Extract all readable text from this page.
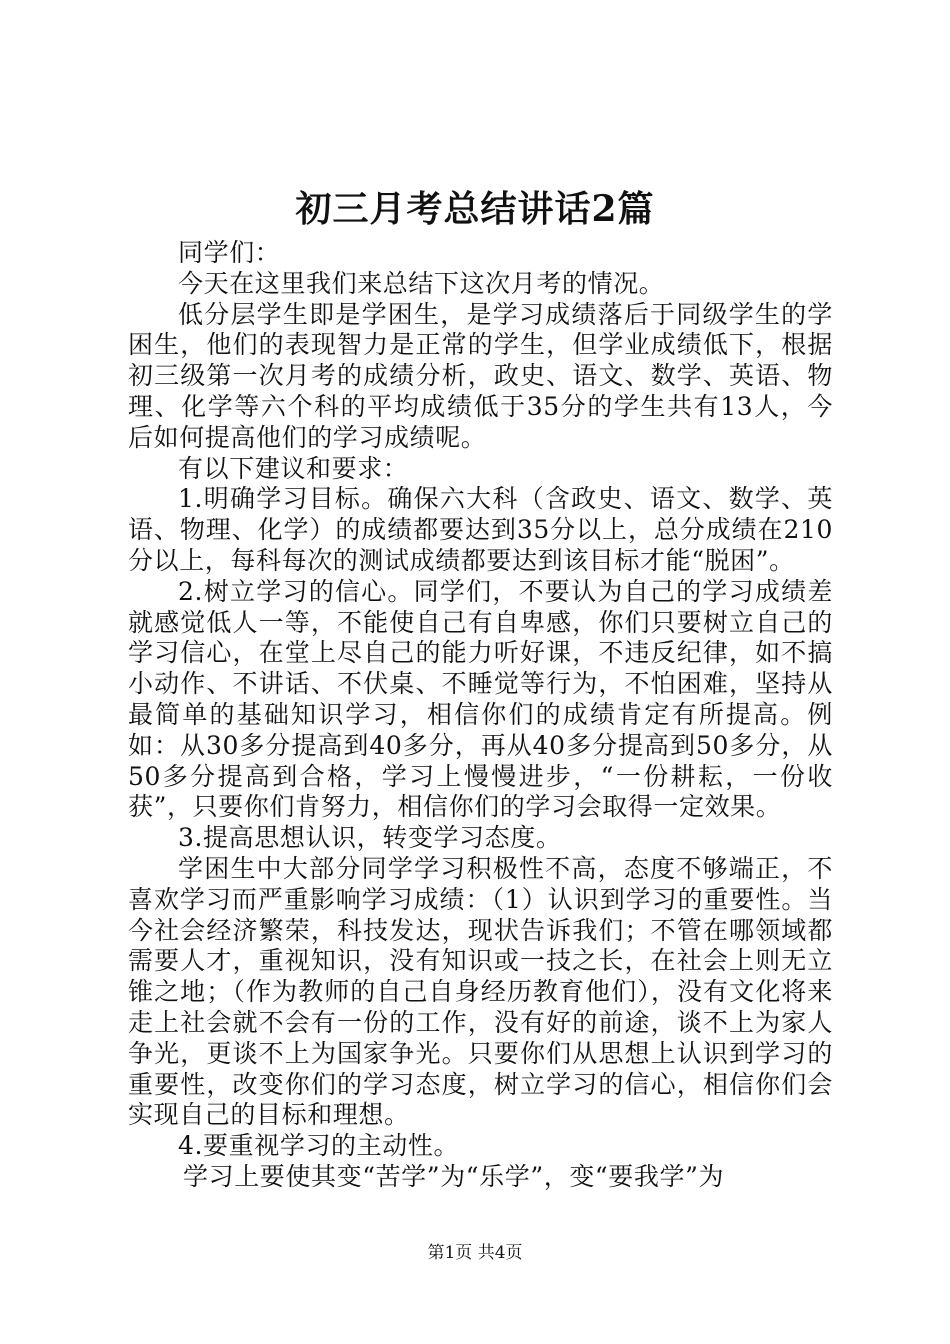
初三月考总结讲话2篇

同学们：

今天在这里我们来总结下这次月考的情况。

低分层学生即是学困生，是学习成绩落后于同级学生的学困生，他们的表现智力是正常的学生，但学业成绩低下，根据初三级第一次月考的成绩分析，政史、语文、数学、英语、物理、化学等六个科的平均成绩低于35分的学生共有13人，今后如何提高他们的学习成绩呢。

有以下建议和要求：

1.明确学习目标。确保六大科（含政史、语文、数学、英语、物理、化学）的成绩都要达到35分以上，总分成绩在210分以上，每科每次的测试成绩都要达到该目标才能“脱困”。

2.树立学习的信心。同学们，不要认为自己的学习成绩差就感觉低人一等，不能使自己有自卑感，你们只要树立自己的学习信心，在堂上尽自己的能力听好课，不违反纪律，如不搞小动作、不讲话、不伏桌、不睡觉等行为，不怕困难，坚持从最简单的基础知识学习，相信你们的成绩肯定有所提高。例如：从30多分提高到40多分，再从40多分提高到50多分，从50多分提高到合格，学习上慢慢进步，“一份耕耘，一份收获”，只要你们肯努力，相信你们的学习会取得一定效果。

3.提高思想认识，转变学习态度。

学困生中大部分同学学习积极性不高，态度不够端正，不喜欢学习而严重影响学习成绩：（1）认识到学习的重要性。当今社会经济繁荣，科技发达，现状告诉我们；不管在哪领域都需要人才，重视知识，没有知识或一技之长，在社会上则无立锥之地；（作为教师的自己自身经历教育他们），没有文化将来走上社会就不会有一份的工作，没有好的前途，谈不上为家人争光，更谈不上为国家争光。只要你们从思想上认识到学习的重要性，改变你们的学习态度，树立学习的信心，相信你们会实现自己的目标和理想。

4.要重视学习的主动性。

学习上要使其变“苦学”为“乐学”，变“要我学”为

第1页 共4页
